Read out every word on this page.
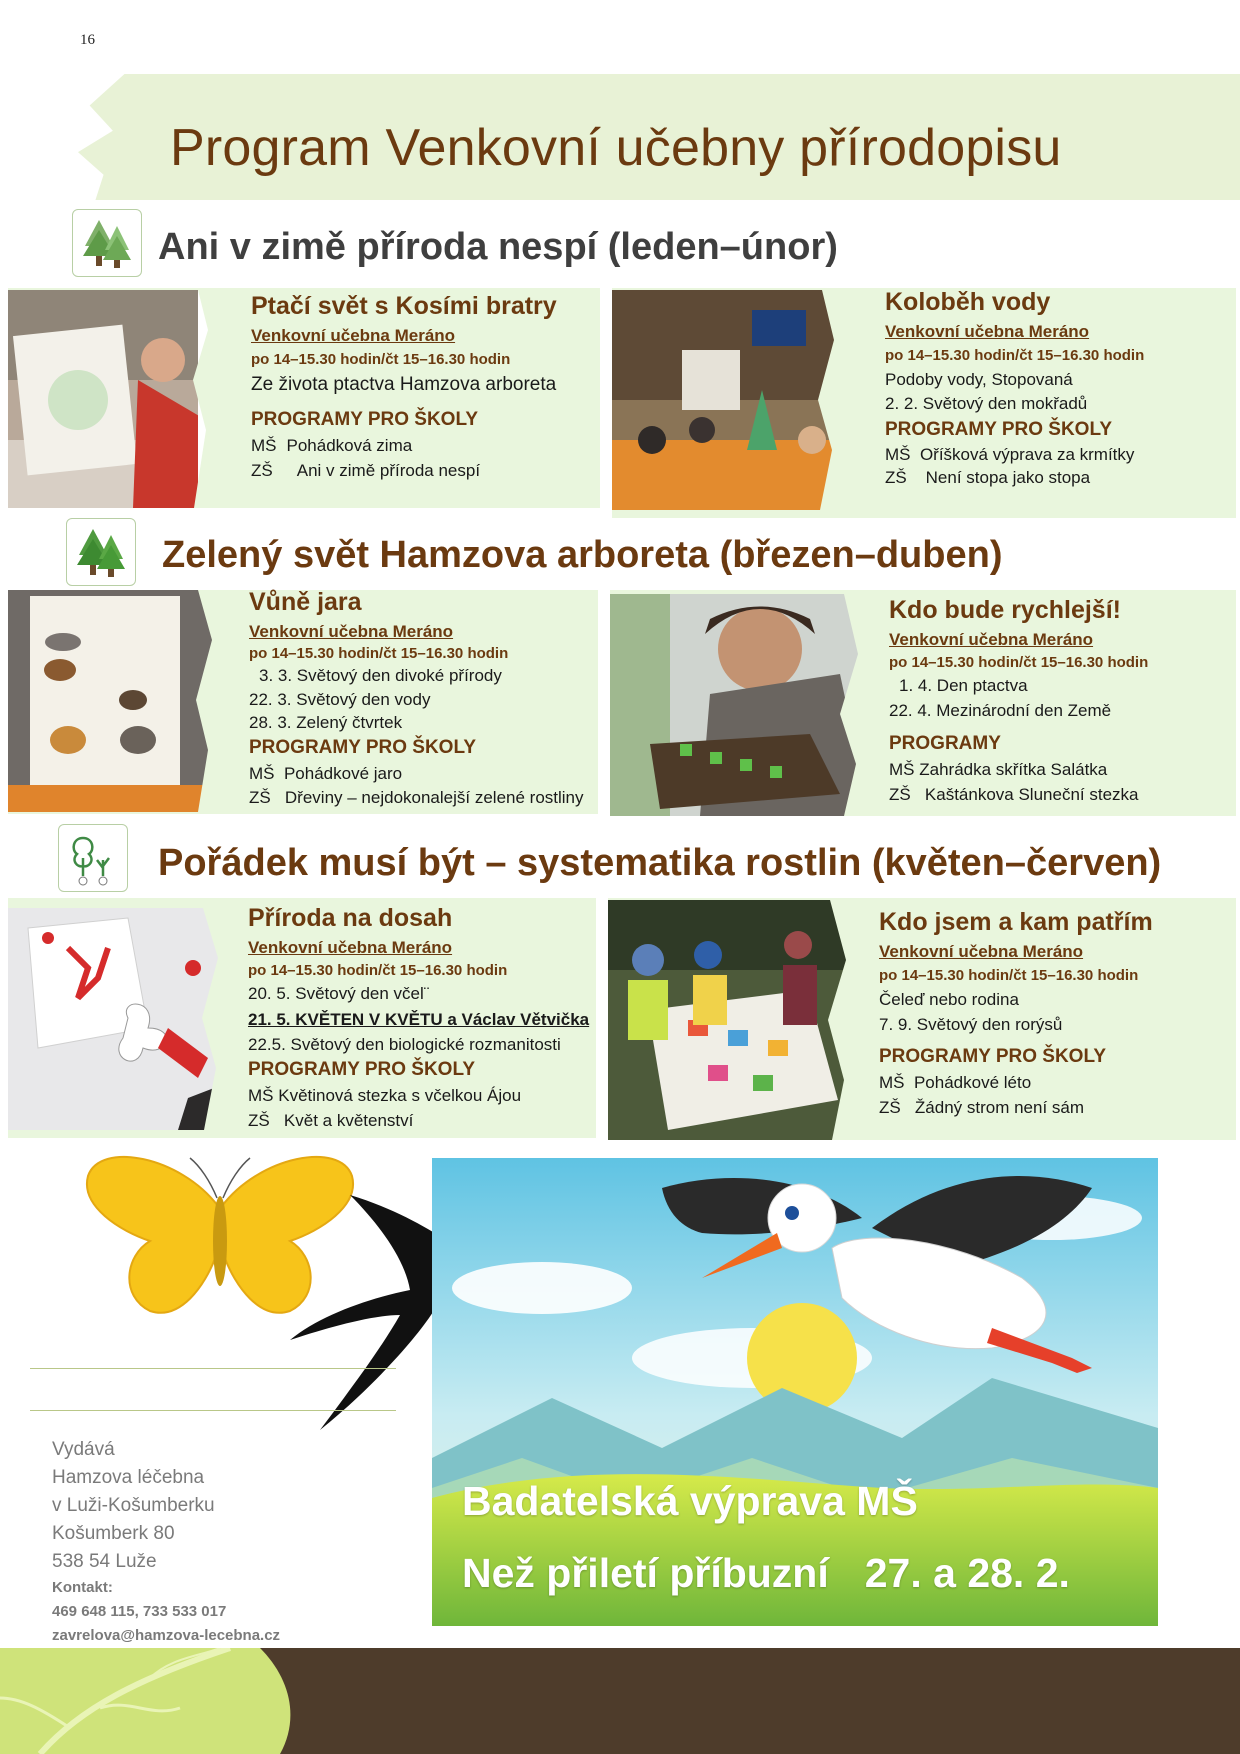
16
Program Venkovní učebny přírodopisu
Ani v zimě příroda nespí (leden–únor)
Ptačí svět s Kosími bratry
Venkovní učebna Meráno
po 14–15.30 hodin/čt 15–16.30 hodin
Ze života ptactva Hamzova arboreta
PROGRAMY PRO ŠKOLY
MŠ Pohádková zima
ZŠ Ani v zimě příroda nespí
Koloběh vody
Venkovní učebna Meráno
po 14–15.30 hodin/čt 15–16.30 hodin
Podoby vody, Stopovaná
2. 2. Světový den mokřadů
PROGRAMY PRO ŠKOLY
MŠ Oříšková výprava za krmítky
ZŠ Není stopa jako stopa
Zelený svět Hamzova arboreta (březen–duben)
Vůně jara
Venkovní učebna Meráno
po 14–15.30 hodin/čt 15–16.30 hodin
3. 3. Světový den divoké přírody
22. 3. Světový den vody
28. 3. Zelený čtvrtek
PROGRAMY PRO ŠKOLY
MŠ Pohádkové jaro
ZŠ Dřeviny – nejdokonalejší zelené rostliny
Kdo bude rychlejší!
Venkovní učebna Meráno
po 14–15.30 hodin/čt 15–16.30 hodin
1. 4. Den ptactva
22. 4. Mezinárodní den Země
PROGRAMY
MŠ Zahrádka skřítka Salátka
ZŠ Kaštánkova Sluneční stezka
Pořádek musí být – systematika rostlin (květen–červen)
Příroda na dosah
Venkovní učebna Meráno
po 14–15.30 hodin/čt 15–16.30 hodin
20. 5. Světový den včel¨
21. 5. KVĚTEN V KVĚTU a Václav Větvička
22.5. Světový den biologické rozmanitosti
PROGRAMY PRO ŠKOLY
MŠ Květinová stezka s včelkou Ájou
ZŠ Květ a květenství
Kdo jsem a kam patřím
Venkovní učebna Meráno
po 14–15.30 hodin/čt 15–16.30 hodin
Čeleď nebo rodina
7. 9. Světový den rorýsů
PROGRAMY PRO ŠKOLY
MŠ Pohádkové léto
ZŠ Žádný strom není sám
Vydává
Hamzova léčebna
v Luži-Košumberku
Košumberk 80
538 54 Luže
Kontakt:
469 648 115, 733 533 017
zavrelova@hamzova-lecebna.cz
Badatelská výprava MŠ
Než přiletí příbuzní 27. a 28. 2.
